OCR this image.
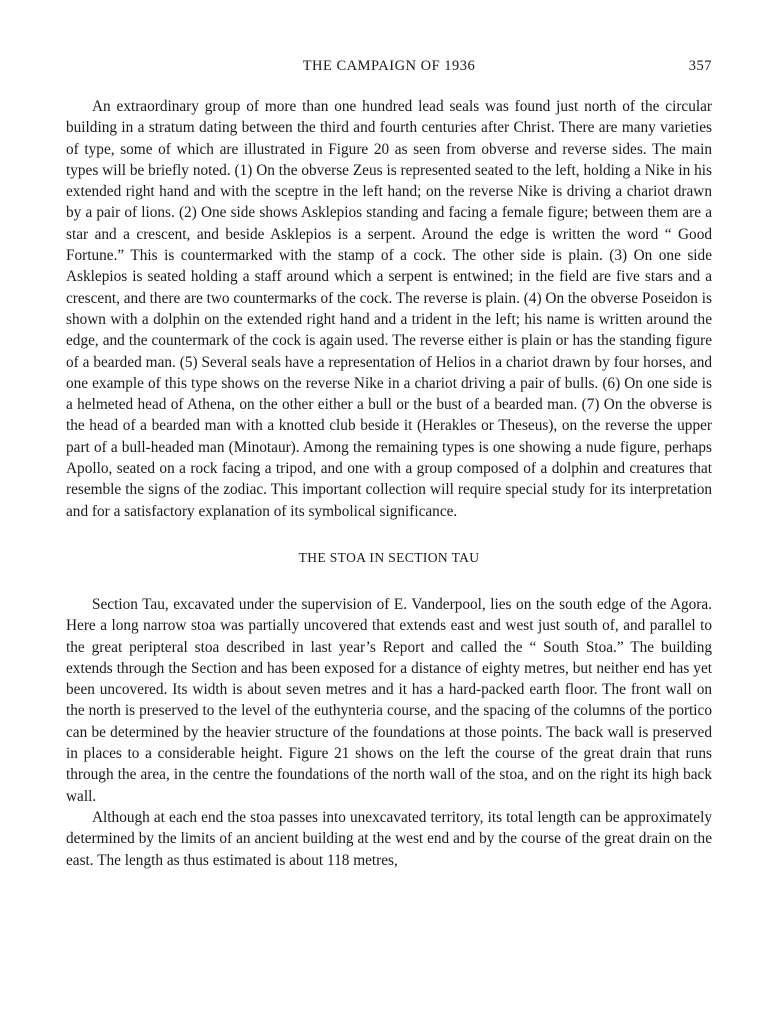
THE CAMPAIGN OF 1936	357

An extraordinary group of more than one hundred lead seals was found just north of the circular building in a stratum dating between the third and fourth centuries after Christ. There are many varieties of type, some of which are illustrated in Figure 20 as seen from obverse and reverse sides. The main types will be briefly noted. (1) On the obverse Zeus is represented seated to the left, holding a Nike in his extended right hand and with the sceptre in the left hand; on the reverse Nike is driving a chariot drawn by a pair of lions. (2) One side shows Asklepios standing and facing a female figure; between them are a star and a crescent, and beside Asklepios is a serpent. Around the edge is written the word “ Good Fortune.” This is countermarked with the stamp of a cock. The other side is plain. (3) On one side Asklepios is seated holding a staff around which a serpent is entwined; in the field are five stars and a crescent, and there are two countermarks of the cock. The reverse is plain. (4) On the obverse Poseidon is shown with a dolphin on the extended right hand and a trident in the left; his name is written around the edge, and the countermark of the cock is again used. The reverse either is plain or has the standing figure of a bearded man. (5) Several seals have a representation of Helios in a chariot drawn by four horses, and one example of this type shows on the reverse Nike in a chariot driving a pair of bulls. (6) On one side is a helmeted head of Athena, on the other either a bull or the bust of a bearded man. (7) On the obverse is the head of a bearded man with a knotted club beside it (Herakles or Theseus), on the reverse the upper part of a bull-headed man (Minotaur). Among the remaining types is one showing a nude figure, perhaps Apollo, seated on a rock facing a tripod, and one with a group composed of a dolphin and creatures that resemble the signs of the zodiac. This important collection will require special study for its interpretation and for a satisfactory explanation of its symbolical significance.

THE STOA IN SECTION TAU

Section Tau, excavated under the supervision of E. Vanderpool, lies on the south edge of the Agora. Here a long narrow stoa was partially uncovered that extends east and west just south of, and parallel to the great peripteral stoa described in last year’s Report and called the “ South Stoa.” The building extends through the Section and has been exposed for a distance of eighty metres, but neither end has yet been uncovered. Its width is about seven metres and it has a hard-packed earth floor. The front wall on the north is preserved to the level of the euthynteria course, and the spacing of the columns of the portico can be determined by the heavier structure of the foundations at those points. The back wall is preserved in places to a considerable height. Figure 21 shows on the left the course of the great drain that runs through the area, in the centre the foundations of the north wall of the stoa, and on the right its high back wall.

Although at each end the stoa passes into unexcavated territory, its total length can be approximately determined by the limits of an ancient building at the west end and by the course of the great drain on the east. The length as thus estimated is about 118 metres,
